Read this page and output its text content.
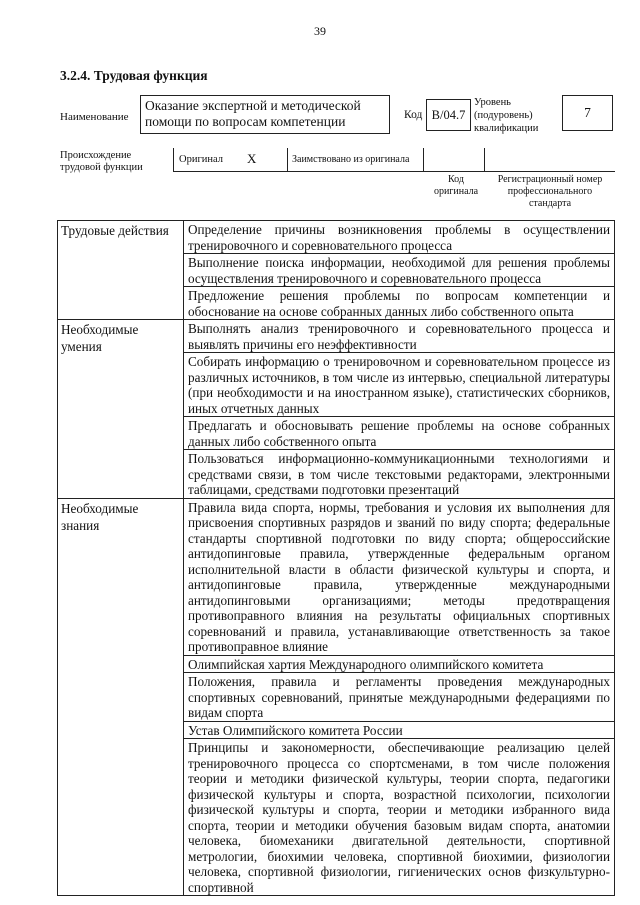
39
3.2.4. Трудовая функция
Наименование
Оказание экспертной и методической помощи по вопросам компетенции	Код B/04.7
Уровень (подуровень) квалификации
7
Происхождение трудовой функции
Оригинал X	Заимствовано из оригинала
Код оригинала
Регистрационный номер профессионального стандарта
Трудовые действия	Определение причины возникновения проблемы в осуществлении тренировочного и соревновательного процесса
	Выполнение поиска информации, необходимой для решения проблемы осуществления тренировочного и соревновательного процесса
	Предложение решения проблемы по вопросам компетенции и обоснование на основе собранных данных либо собственного опыта
Необходимые умения	Выполнять анализ тренировочного и соревновательного процесса и выявлять причины его неэффективности
	Собирать информацию о тренировочном и соревновательном процессе из различных источников, в том числе из интервью, специальной литературы (при необходимости и на иностранном языке), статистических сборников, иных отчетных данных
	Предлагать и обосновывать решение проблемы на основе собранных данных либо собственного опыта
	Пользоваться информационно-коммуникационными технологиями и средствами связи, в том числе текстовыми редакторами, электронными таблицами, средствами подготовки презентаций
Необходимые знания	Правила вида спорта, нормы, требования и условия их выполнения для присвоения спортивных разрядов и званий по виду спорта; федеральные стандарты спортивной подготовки по виду спорта; общероссийские антидопинговые правила, утвержденные федеральным органом исполнительной власти в области физической культуры и спорта, и антидопинговые правила, утвержденные международными антидопинговыми организациями; методы предотвращения противоправного влияния на результаты официальных спортивных соревнований и правила, устанавливающие ответственность за такое противоправное влияние
	Олимпийская хартия Международного олимпийского комитета
	Положения, правила и регламенты проведения международных спортивных соревнований, принятые международными федерациями по видам спорта
	Устав Олимпийского комитета России
	Принципы и закономерности, обеспечивающие реализацию целей тренировочного процесса со спортсменами, в том числе положения теории и методики физической культуры, теории спорта, педагогики физической культуры и спорта, возрастной психологии, психологии физической культуры и спорта, теории и методики избранного вида спорта, теории и методики обучения базовым видам спорта, анатомии человека, биомеханики двигательной деятельности, спортивной метрологии, биохимии человека, спортивной биохимии, физиологии человека, спортивной физиологии, гигиенических основ физкультурно-спортивной
